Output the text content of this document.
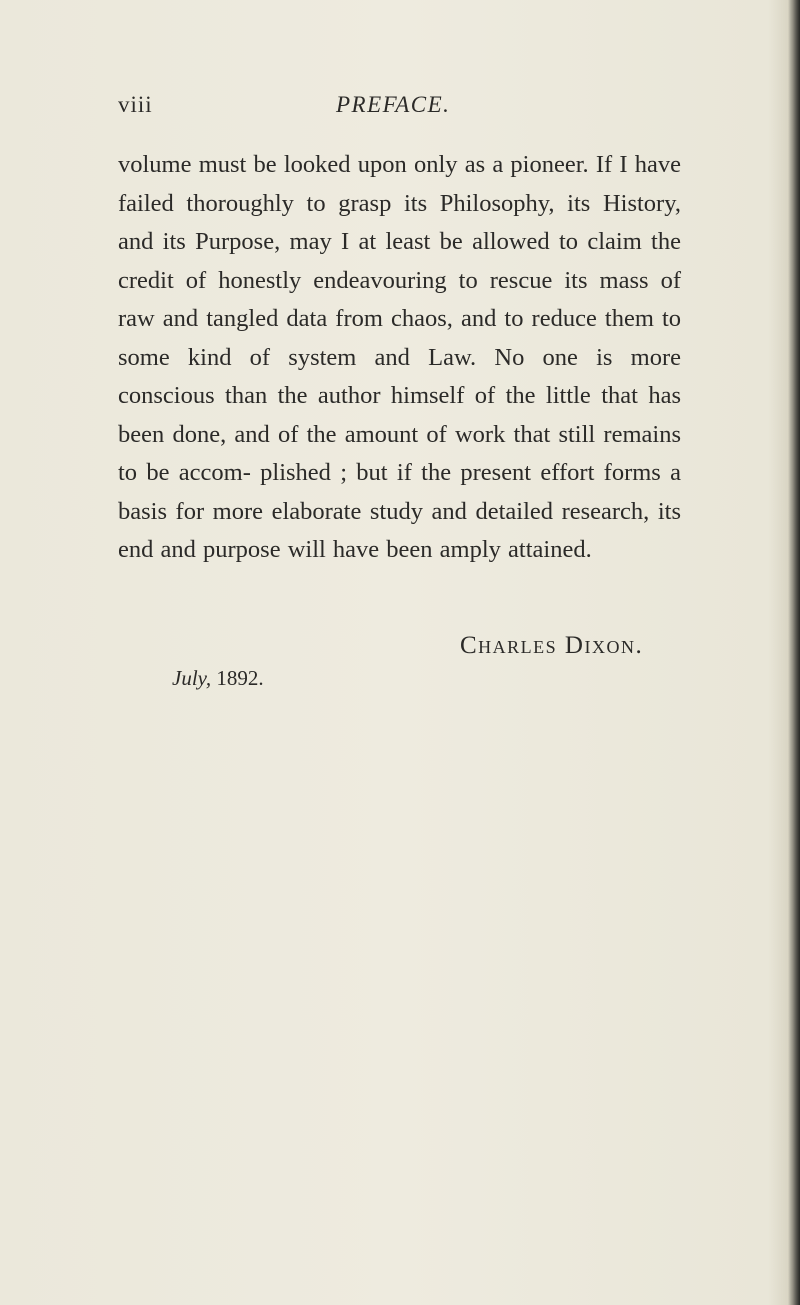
viii	PREFACE.

volume must be looked upon only as a pioneer. If I have failed thoroughly to grasp its Philosophy, its History, and its Purpose, may I at least be allowed to claim the credit of honestly endeavouring to rescue its mass of raw and tangled data from chaos, and to reduce them to some kind of system and Law. No one is more conscious than the author himself of the little that has been done, and of the amount of work that still remains to be accom- plished ; but if the present effort forms a basis for more elaborate study and detailed research, its end and purpose will have been amply attained.

Charles Dixon.
July, 1892.
